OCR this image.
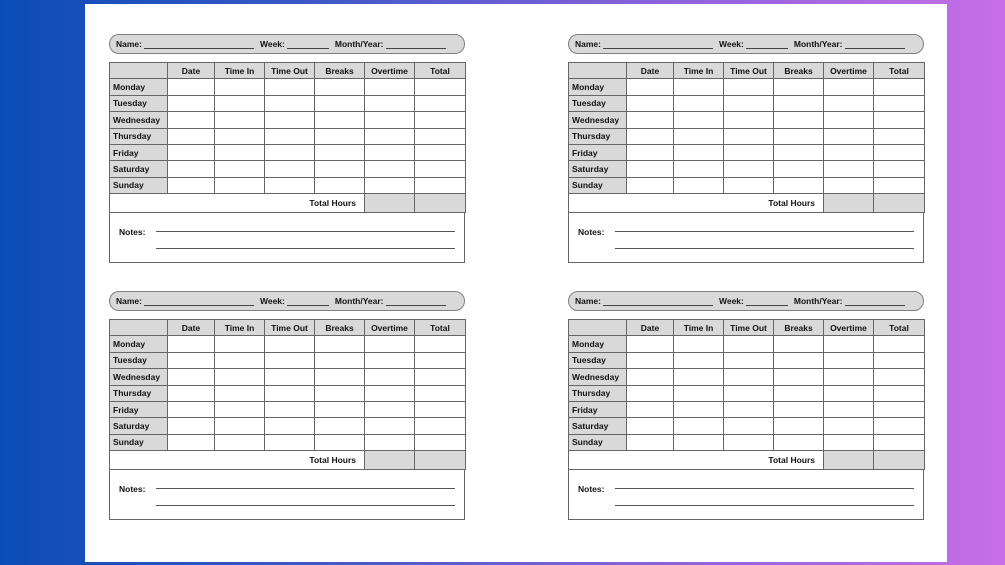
Name:	Week:	Month/Year:
	Date	Time In	Time Out	Breaks	Overtime	Total
Monday						
Tuesday						
Wednesday						
Thursday						
Friday						
Saturday						
Sunday						
Total Hours						
Notes:
Name:	Week:	Month/Year:
	Date	Time In	Time Out	Breaks	Overtime	Total
Monday						
Tuesday						
Wednesday						
Thursday						
Friday						
Saturday						
Sunday						
Total Hours						
Notes:
Name:	Week:	Month/Year:
	Date	Time In	Time Out	Breaks	Overtime	Total
Monday						
Tuesday						
Wednesday						
Thursday						
Friday						
Saturday						
Sunday						
Total Hours						
Notes:
Name:	Week:	Month/Year:
	Date	Time In	Time Out	Breaks	Overtime	Total
Monday						
Tuesday						
Wednesday						
Thursday						
Friday						
Saturday						
Sunday						
Total Hours						
Notes:
